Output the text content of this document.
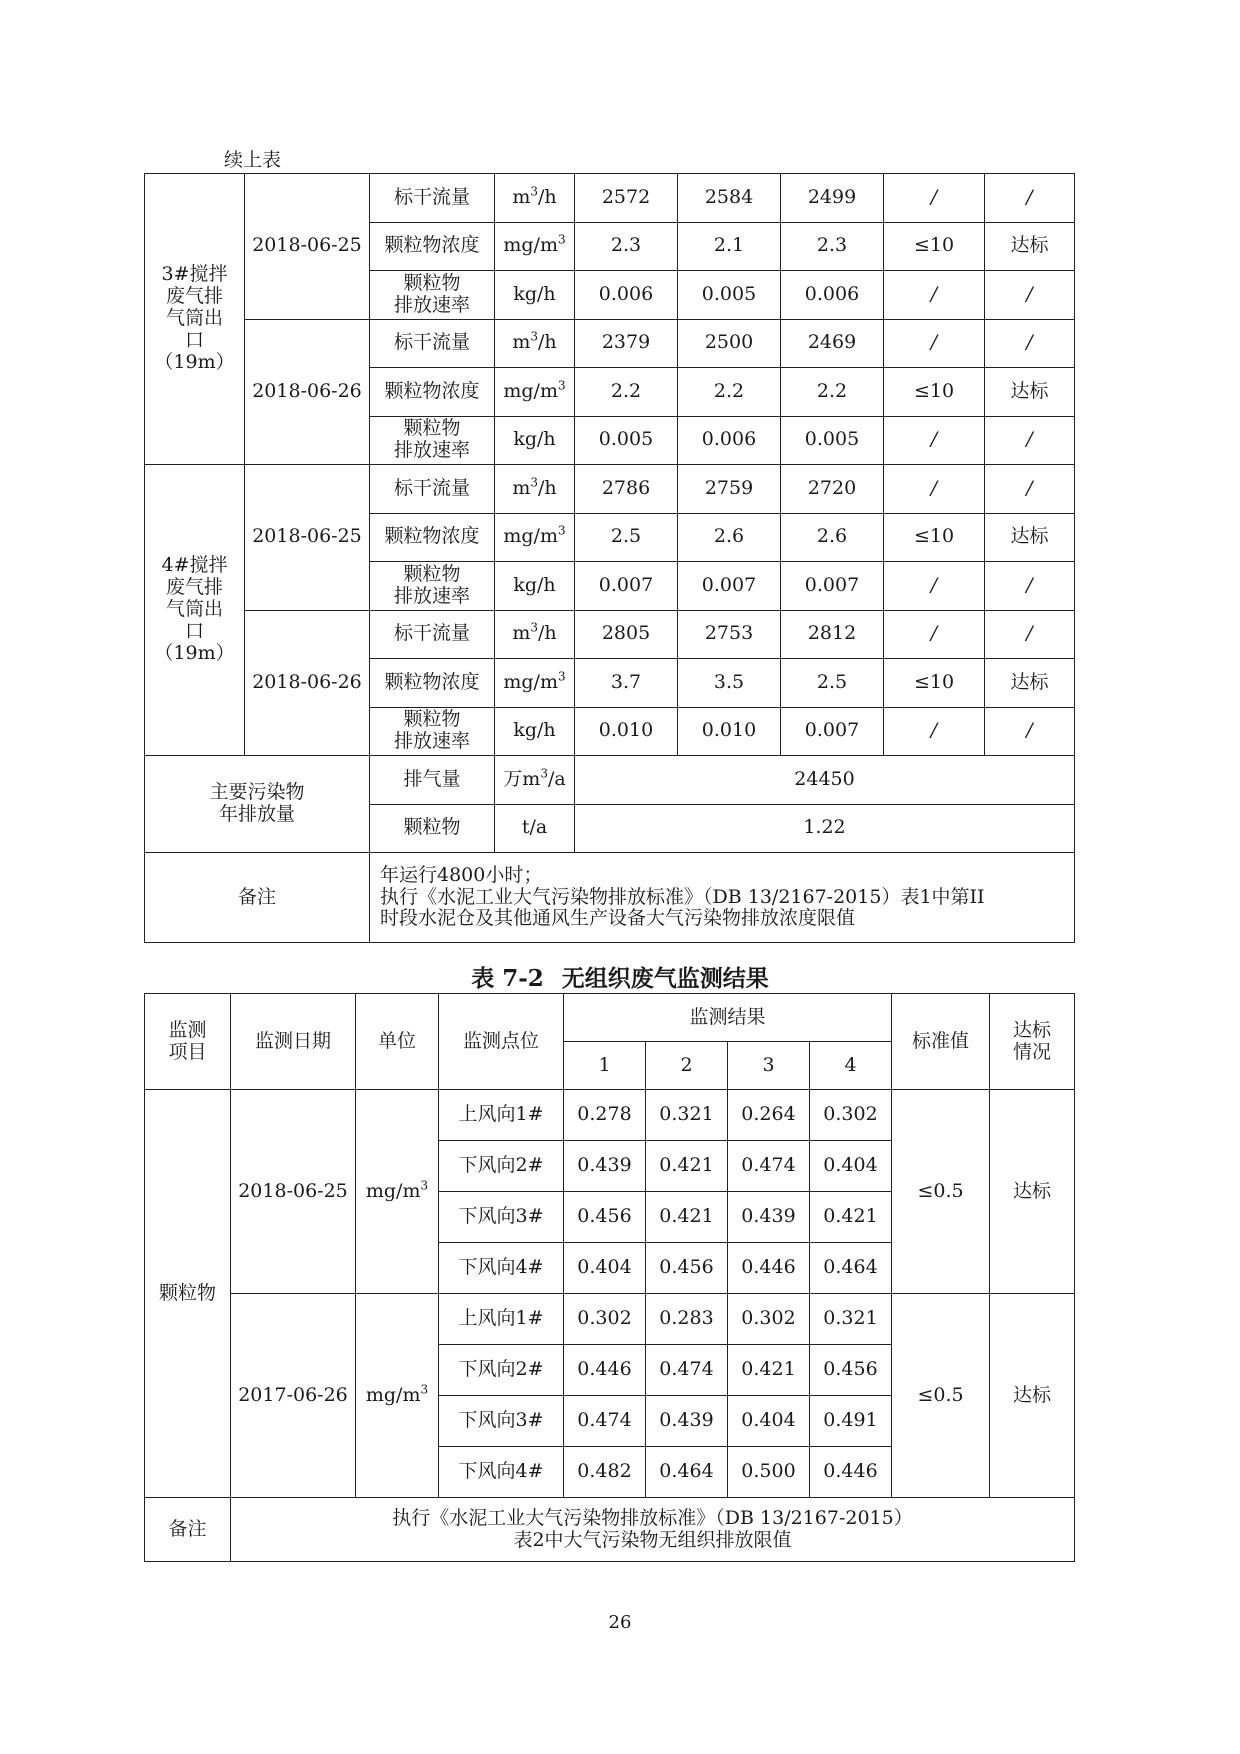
续上表
3#搅拌
废气排
气筒出
口
（19m）	2018-06-25	标干流量	$m^3/h$	2572	2584	2499	/	/
		颗粒物浓度	$mg/m^3$	2.3	2.1	2.3	≤10	达标

		颗粒物
排放速率	kg/h	0.006	0.005	0.006	/	/
	2018-06-26	标干流量	$m^3/h$	2379	2500	2469	/	/
		颗粒物浓度	$mg/m^3$	2.2	2.2	2.2	≤10	达标

		颗粒物
排放速率	kg/h	0.005	0.006	0.005	/	/

4#搅拌
废气排
气筒出
口
（19m）	2018-06-25	标干流量	$m^3/h$	2786	2759	2720	/	/
		颗粒物浓度	$mg/m^3$	2.5	2.6	2.6	≤10	达标

		颗粒物
排放速率	kg/h	0.007	0.007	0.007	/	/
	2018-06-26	标干流量	$m^3/h$	2805	2753	2812	/	/
		颗粒物浓度	$mg/m^3$	3.7	3.5	2.5	≤10	达标

		颗粒物
排放速率	kg/h	0.010	0.010	0.007	/	/

主要污染物
年排放量		排气量	万$m^3/a$	24450				
		颗粒物	t/a	1.22				
备注		年运行4800小时；
执行《水泥工业大气污染物排放标准》（DB 13/2167-2015）表1中第II
时段水泥仓及其他通风生产设备大气污染物排放浓度限值						
表 7-2 无组织废气监测结果
监测
项目	监测日期	单位	监测点位	监测结果				标准值	达标
情况

				1	2	3	4		
颗粒物	2018-06-25	$mg/m^3$	上风向1#	0.278	0.321	0.264	0.302	≤0.5	达标
			下风向2#	0.439	0.421	0.474	0.404		
			下风向3#	0.456	0.421	0.439	0.421		
			下风向4#	0.404	0.456	0.446	0.464		
	2017-06-26	$mg/m^3$	上风向1#	0.302	0.283	0.302	0.321	≤0.5	达标
			下风向2#	0.446	0.474	0.421	0.456		
			下风向3#	0.474	0.439	0.404	0.491		
			下风向4#	0.482	0.464	0.500	0.446		
备注	执行《水泥工业大气污染物排放标准》（DB 13/2167-2015）
表2中大气污染物无组织排放限值								
26
